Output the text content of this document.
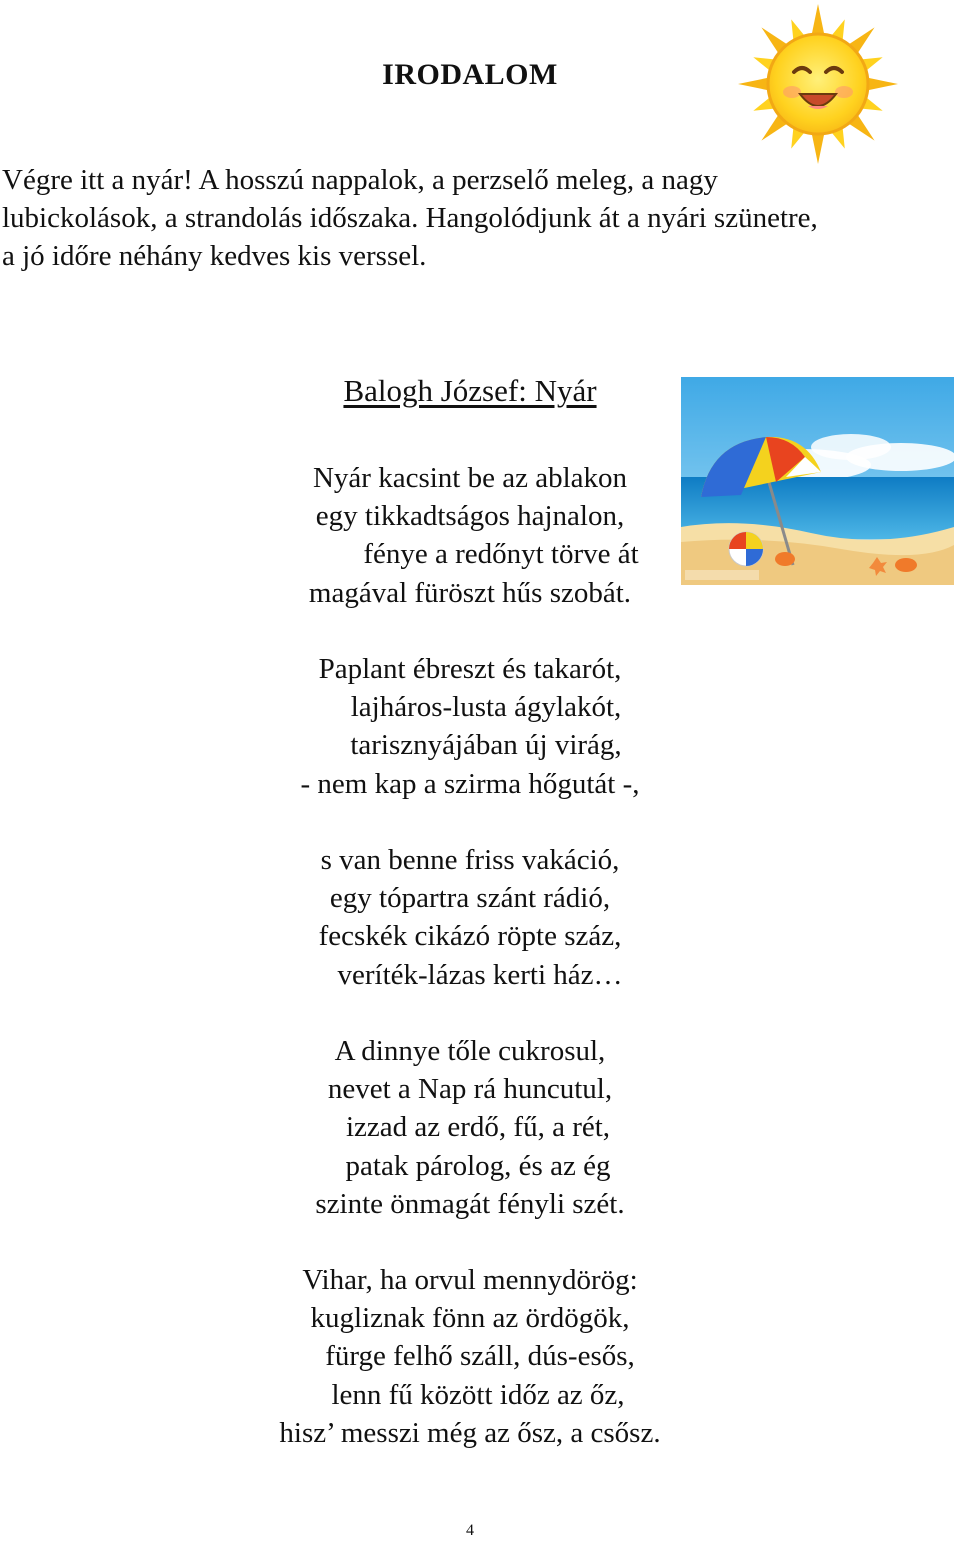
IRODALOM
Végre itt a nyár! A hosszú nappalok, a perzselő meleg, a nagy
lubickolások, a strandolás időszaka. Hangolódjunk át a nyári szünetre,
a jó időre néhány kedves kis verssel.
Balogh József: Nyár
Nyár kacsint be az ablakon
egy tikkadtságos hajnalon,
fénye a redőnyt törve át
magával füröszt hűs szobát.
Paplant ébreszt és takarót,
lajháros-lusta ágylakót,
tarisznyájában új virág,
- nem kap a szirma hőgutát -,
s van benne friss vakáció,
egy tópartra szánt rádió,
fecskék cikázó röpte száz,
veríték-lázas kerti ház…
A dinnye tőle cukrosul,
nevet a Nap rá huncutul,
izzad az erdő, fű, a rét,
patak párolog, és az ég
szinte önmagát fényli szét.
Vihar, ha orvul mennydörög:
kugliznak fönn az ördögök,
fürge felhő száll, dús-esős,
lenn fű között időz az őz,
hisz’ messzi még az ősz, a csősz.
4
